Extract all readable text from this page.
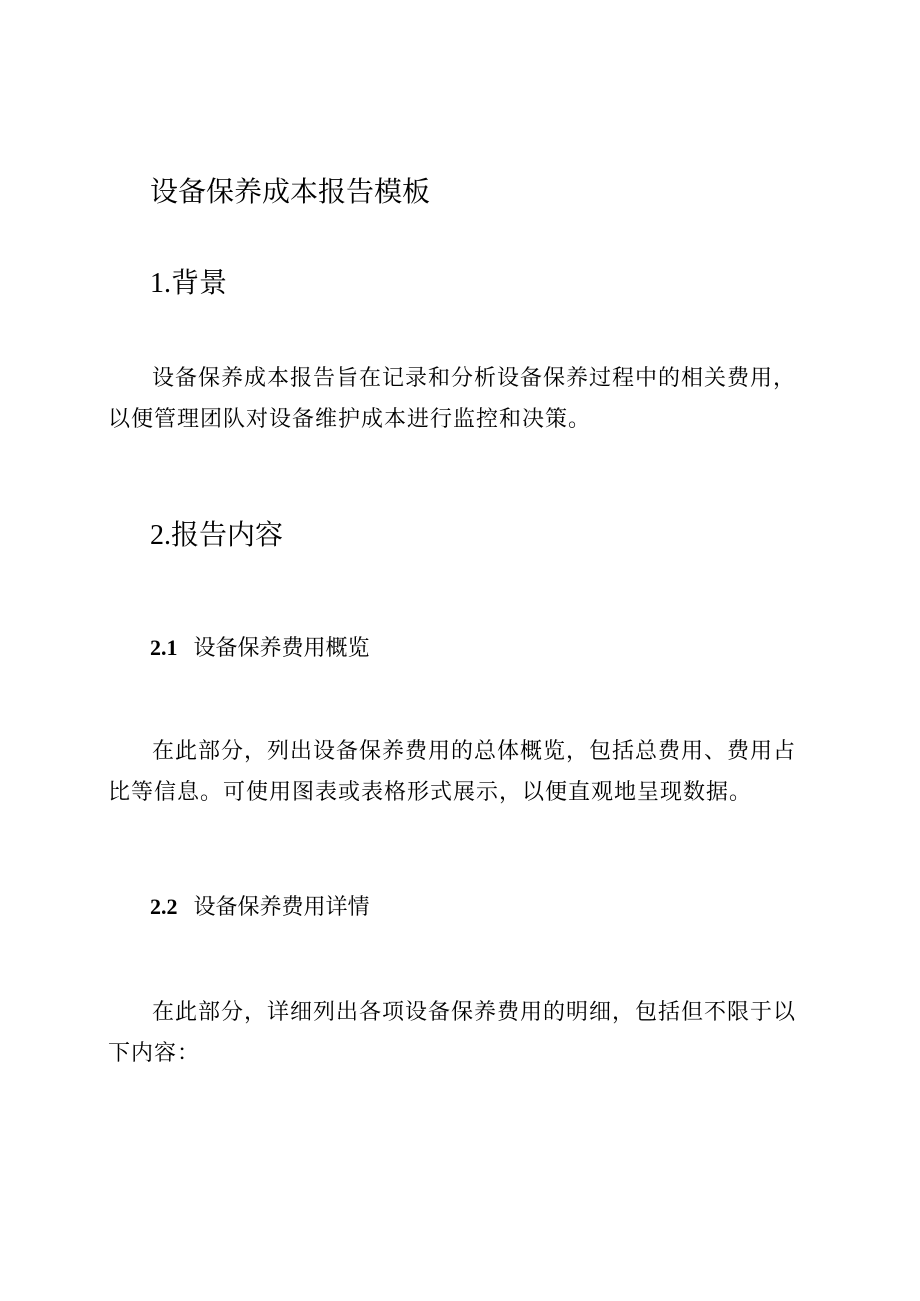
设备保养成本报告模板
1.背景
设备保养成本报告旨在记录和分析设备保养过程中的相关费用，以便管理团队对设备维护成本进行监控和决策。
2.报告内容
2.1 设备保养费用概览
在此部分，列出设备保养费用的总体概览，包括总费用、费用占比等信息。可使用图表或表格形式展示，以便直观地呈现数据。
2.2 设备保养费用详情
在此部分，详细列出各项设备保养费用的明细，包括但不限于以下内容：
